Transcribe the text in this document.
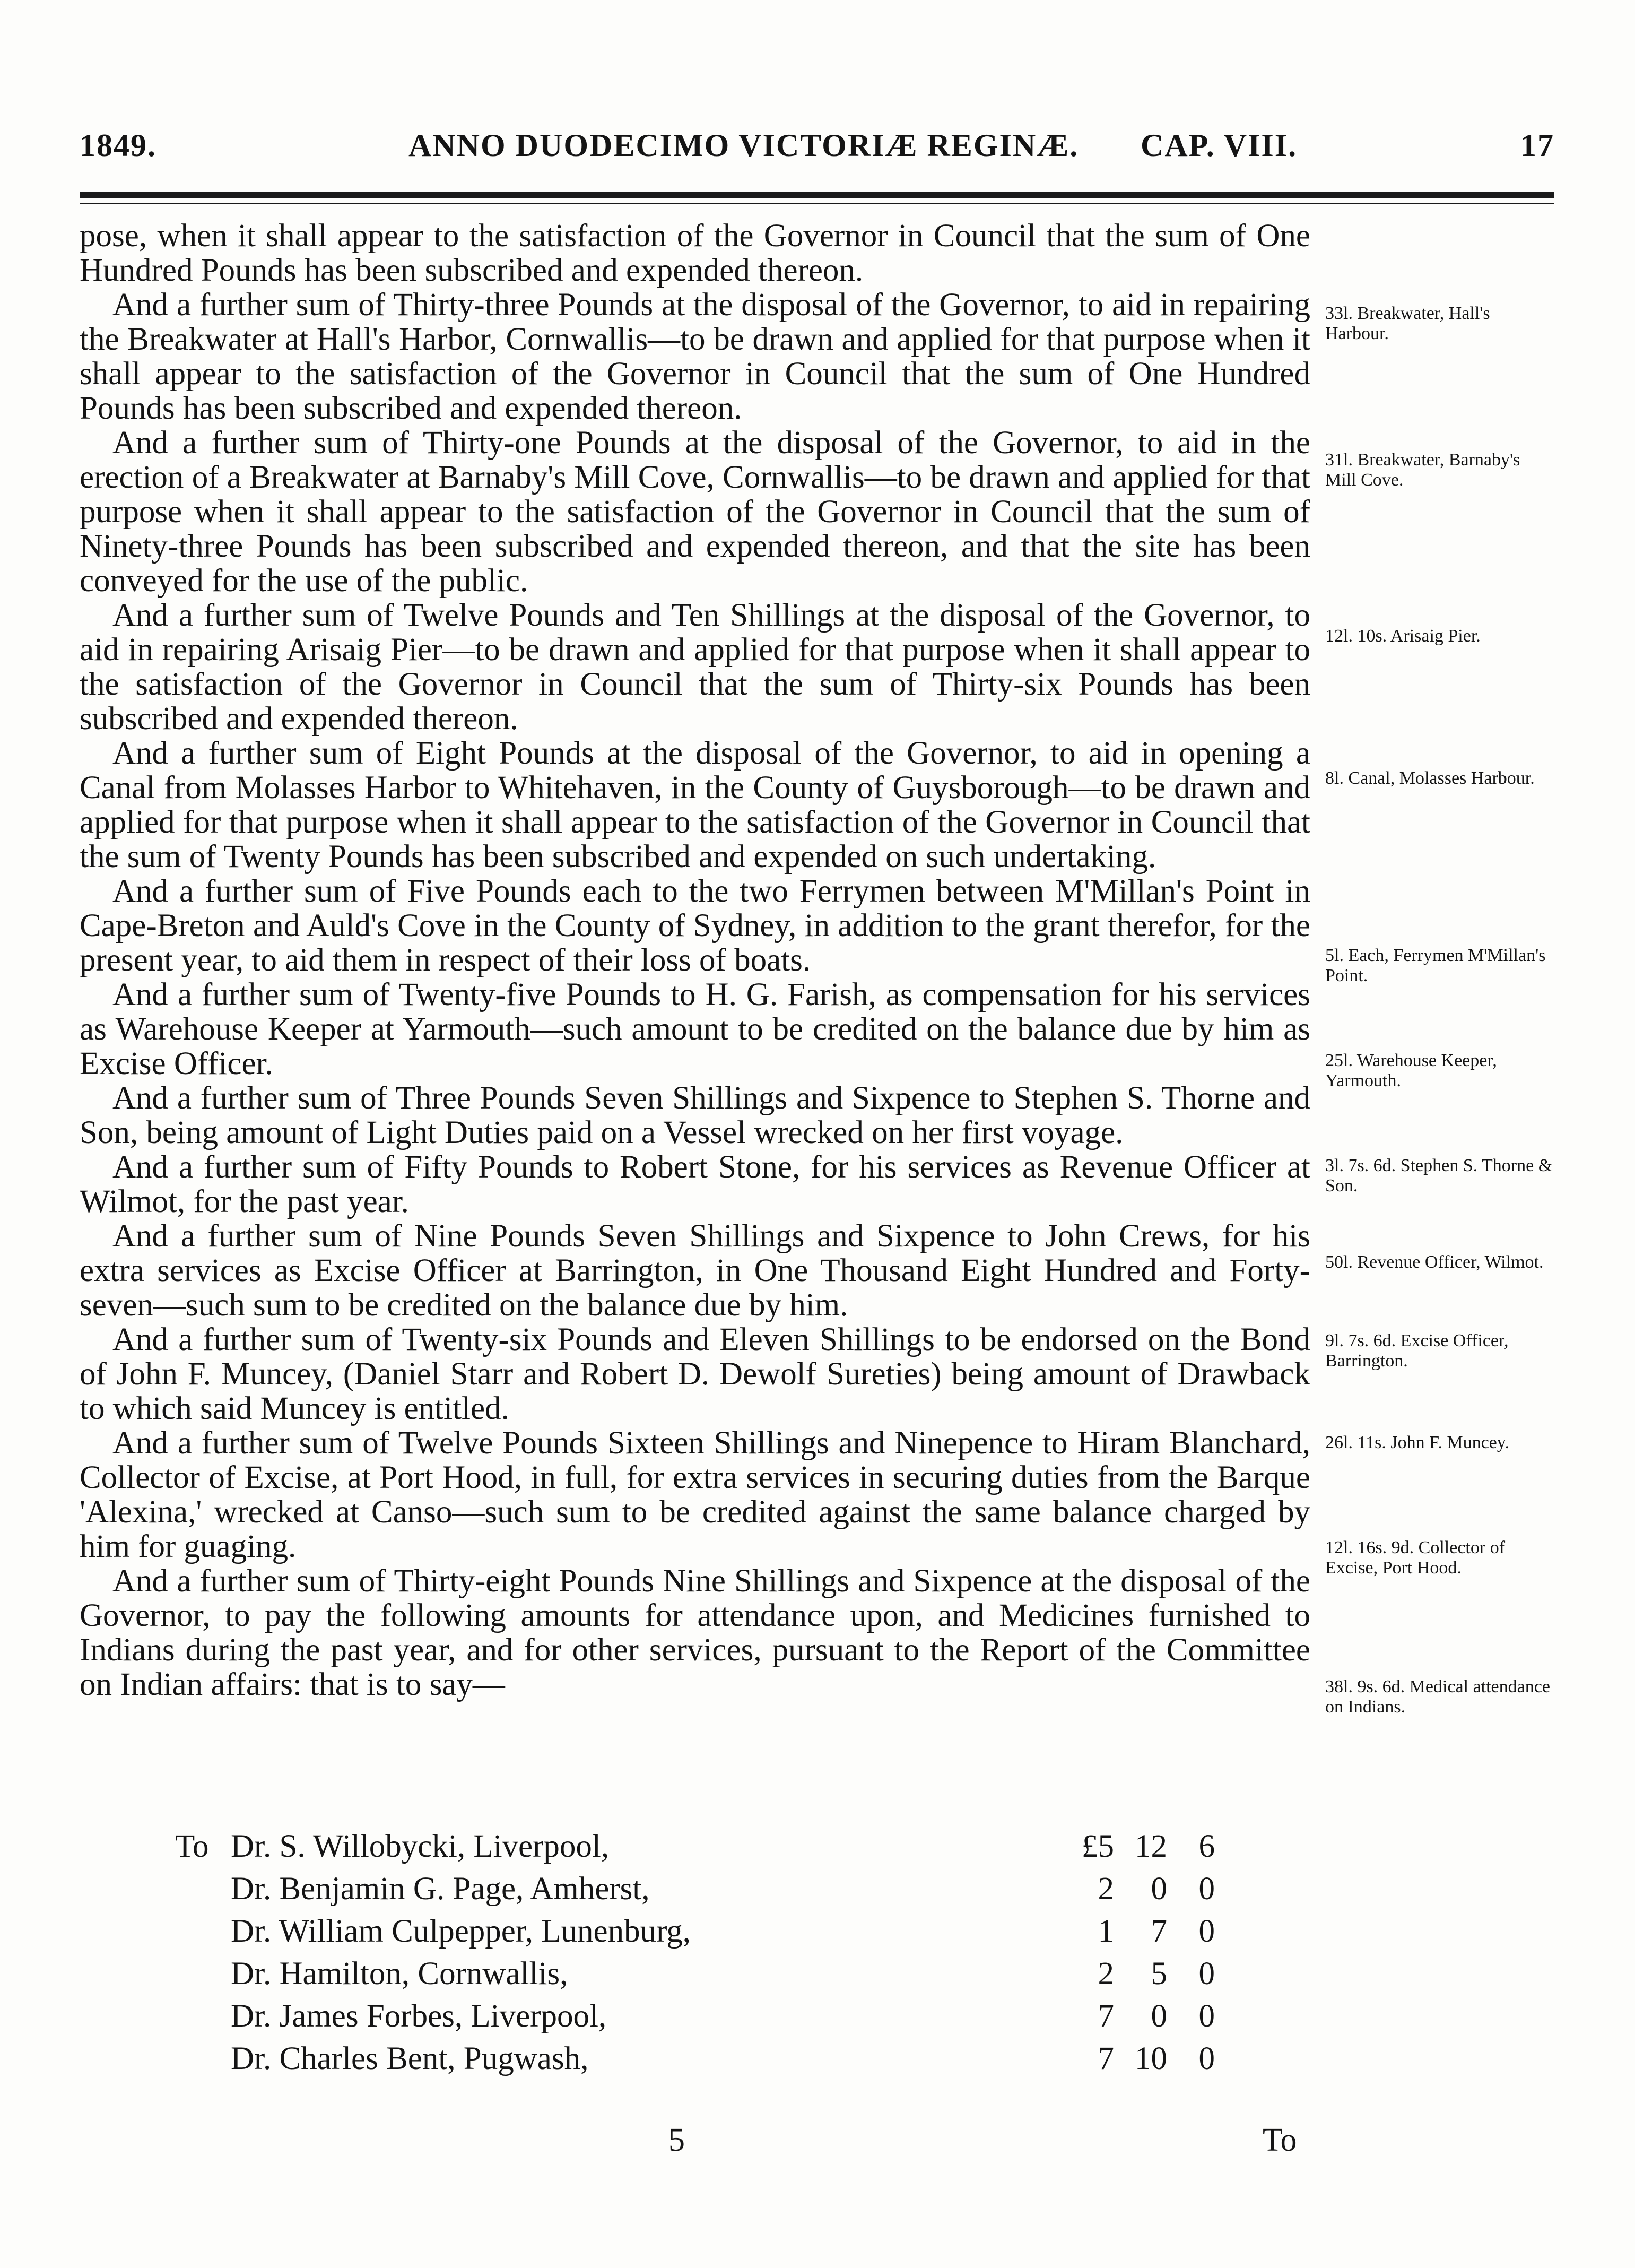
1849.	ANNO DUODECIMO VICTORIÆ REGINÆ. CAP. VIII.	17

pose, when it shall appear to the satisfaction of the Governor in Council that the sum of One Hundred Pounds has been subscribed and expended thereon.

And a further sum of Thirty-three Pounds at the disposal of the Governor, to aid in repairing the Breakwater at Hall's Harbor, Cornwallis—to be drawn and applied for that purpose when it shall appear to the satisfaction of the Governor in Council that the sum of One Hundred Pounds has been subscribed and expended thereon.

And a further sum of Thirty-one Pounds at the disposal of the Governor, to aid in the erection of a Breakwater at Barnaby's Mill Cove, Cornwallis—to be drawn and applied for that purpose when it shall appear to the satisfaction of the Governor in Council that the sum of Ninety-three Pounds has been subscribed and expended thereon, and that the site has been conveyed for the use of the public.

And a further sum of Twelve Pounds and Ten Shillings at the disposal of the Governor, to aid in repairing Arisaig Pier—to be drawn and applied for that purpose when it shall appear to the satisfaction of the Governor in Council that the sum of Thirty-six Pounds has been subscribed and expended thereon.

And a further sum of Eight Pounds at the disposal of the Governor, to aid in opening a Canal from Molasses Harbor to Whitehaven, in the County of Guysborough—to be drawn and applied for that purpose when it shall appear to the satisfaction of the Governor in Council that the sum of Twenty Pounds has been subscribed and expended on such undertaking.

And a further sum of Five Pounds each to the two Ferrymen between M'Millan's Point in Cape-Breton and Auld's Cove in the County of Sydney, in addition to the grant therefor, for the present year, to aid them in respect of their loss of boats.

And a further sum of Twenty-five Pounds to H. G. Farish, as compensation for his services as Warehouse Keeper at Yarmouth—such amount to be credited on the balance due by him as Excise Officer.

And a further sum of Three Pounds Seven Shillings and Sixpence to Stephen S. Thorne and Son, being amount of Light Duties paid on a Vessel wrecked on her first voyage.

And a further sum of Fifty Pounds to Robert Stone, for his services as Revenue Officer at Wilmot, for the past year.

And a further sum of Nine Pounds Seven Shillings and Sixpence to John Crews, for his extra services as Excise Officer at Barrington, in One Thousand Eight Hundred and Forty-seven—such sum to be credited on the balance due by him.

And a further sum of Twenty-six Pounds and Eleven Shillings to be endorsed on the Bond of John F. Muncey, (Daniel Starr and Robert D. Dewolf Sureties) being amount of Drawback to which said Muncey is entitled.

And a further sum of Twelve Pounds Sixteen Shillings and Ninepence to Hiram Blanchard, Collector of Excise, at Port Hood, in full, for extra services in securing duties from the Barque 'Alexina,' wrecked at Canso—such sum to be credited against the same balance charged by him for guaging.

And a further sum of Thirty-eight Pounds Nine Shillings and Sixpence at the disposal of the Governor, to pay the following amounts for attendance upon, and Medicines furnished to Indians during the past year, and for other services, pursuant to the Report of the Committee on Indian affairs: that is to say—

33l. Breakwater, Hall's Harbour.
31l. Breakwater, Barnaby's Mill Cove.
12l. 10s. Arisaig Pier.
8l. Canal, Molasses Harbour.
5l. Each, Ferrymen M'Millan's Point.
25l. Warehouse Keeper, Yarmouth.
3l. 7s. 6d. Stephen S. Thorne & Son.
50l. Revenue Officer, Wilmot.
9l. 7s. 6d. Excise Officer, Barrington.
26l. 11s. John F. Muncey.
12l. 16s. 9d. Collector of Excise, Port Hood.
38l. 9s. 6d. Medical attendance on Indians.
To Dr. S. Willobycki, Liverpool,	£5 12 6
Dr. Benjamin G. Page, Amherst,	2	0 0
Dr. William Culpepper, Lunenburg,	1	7 0
Dr. Hamilton, Cornwallis,	2	5 0
Dr. James Forbes, Liverpool,	7	0 0
Dr. Charles Bent, Pugwash,	7 10 0
5	To
